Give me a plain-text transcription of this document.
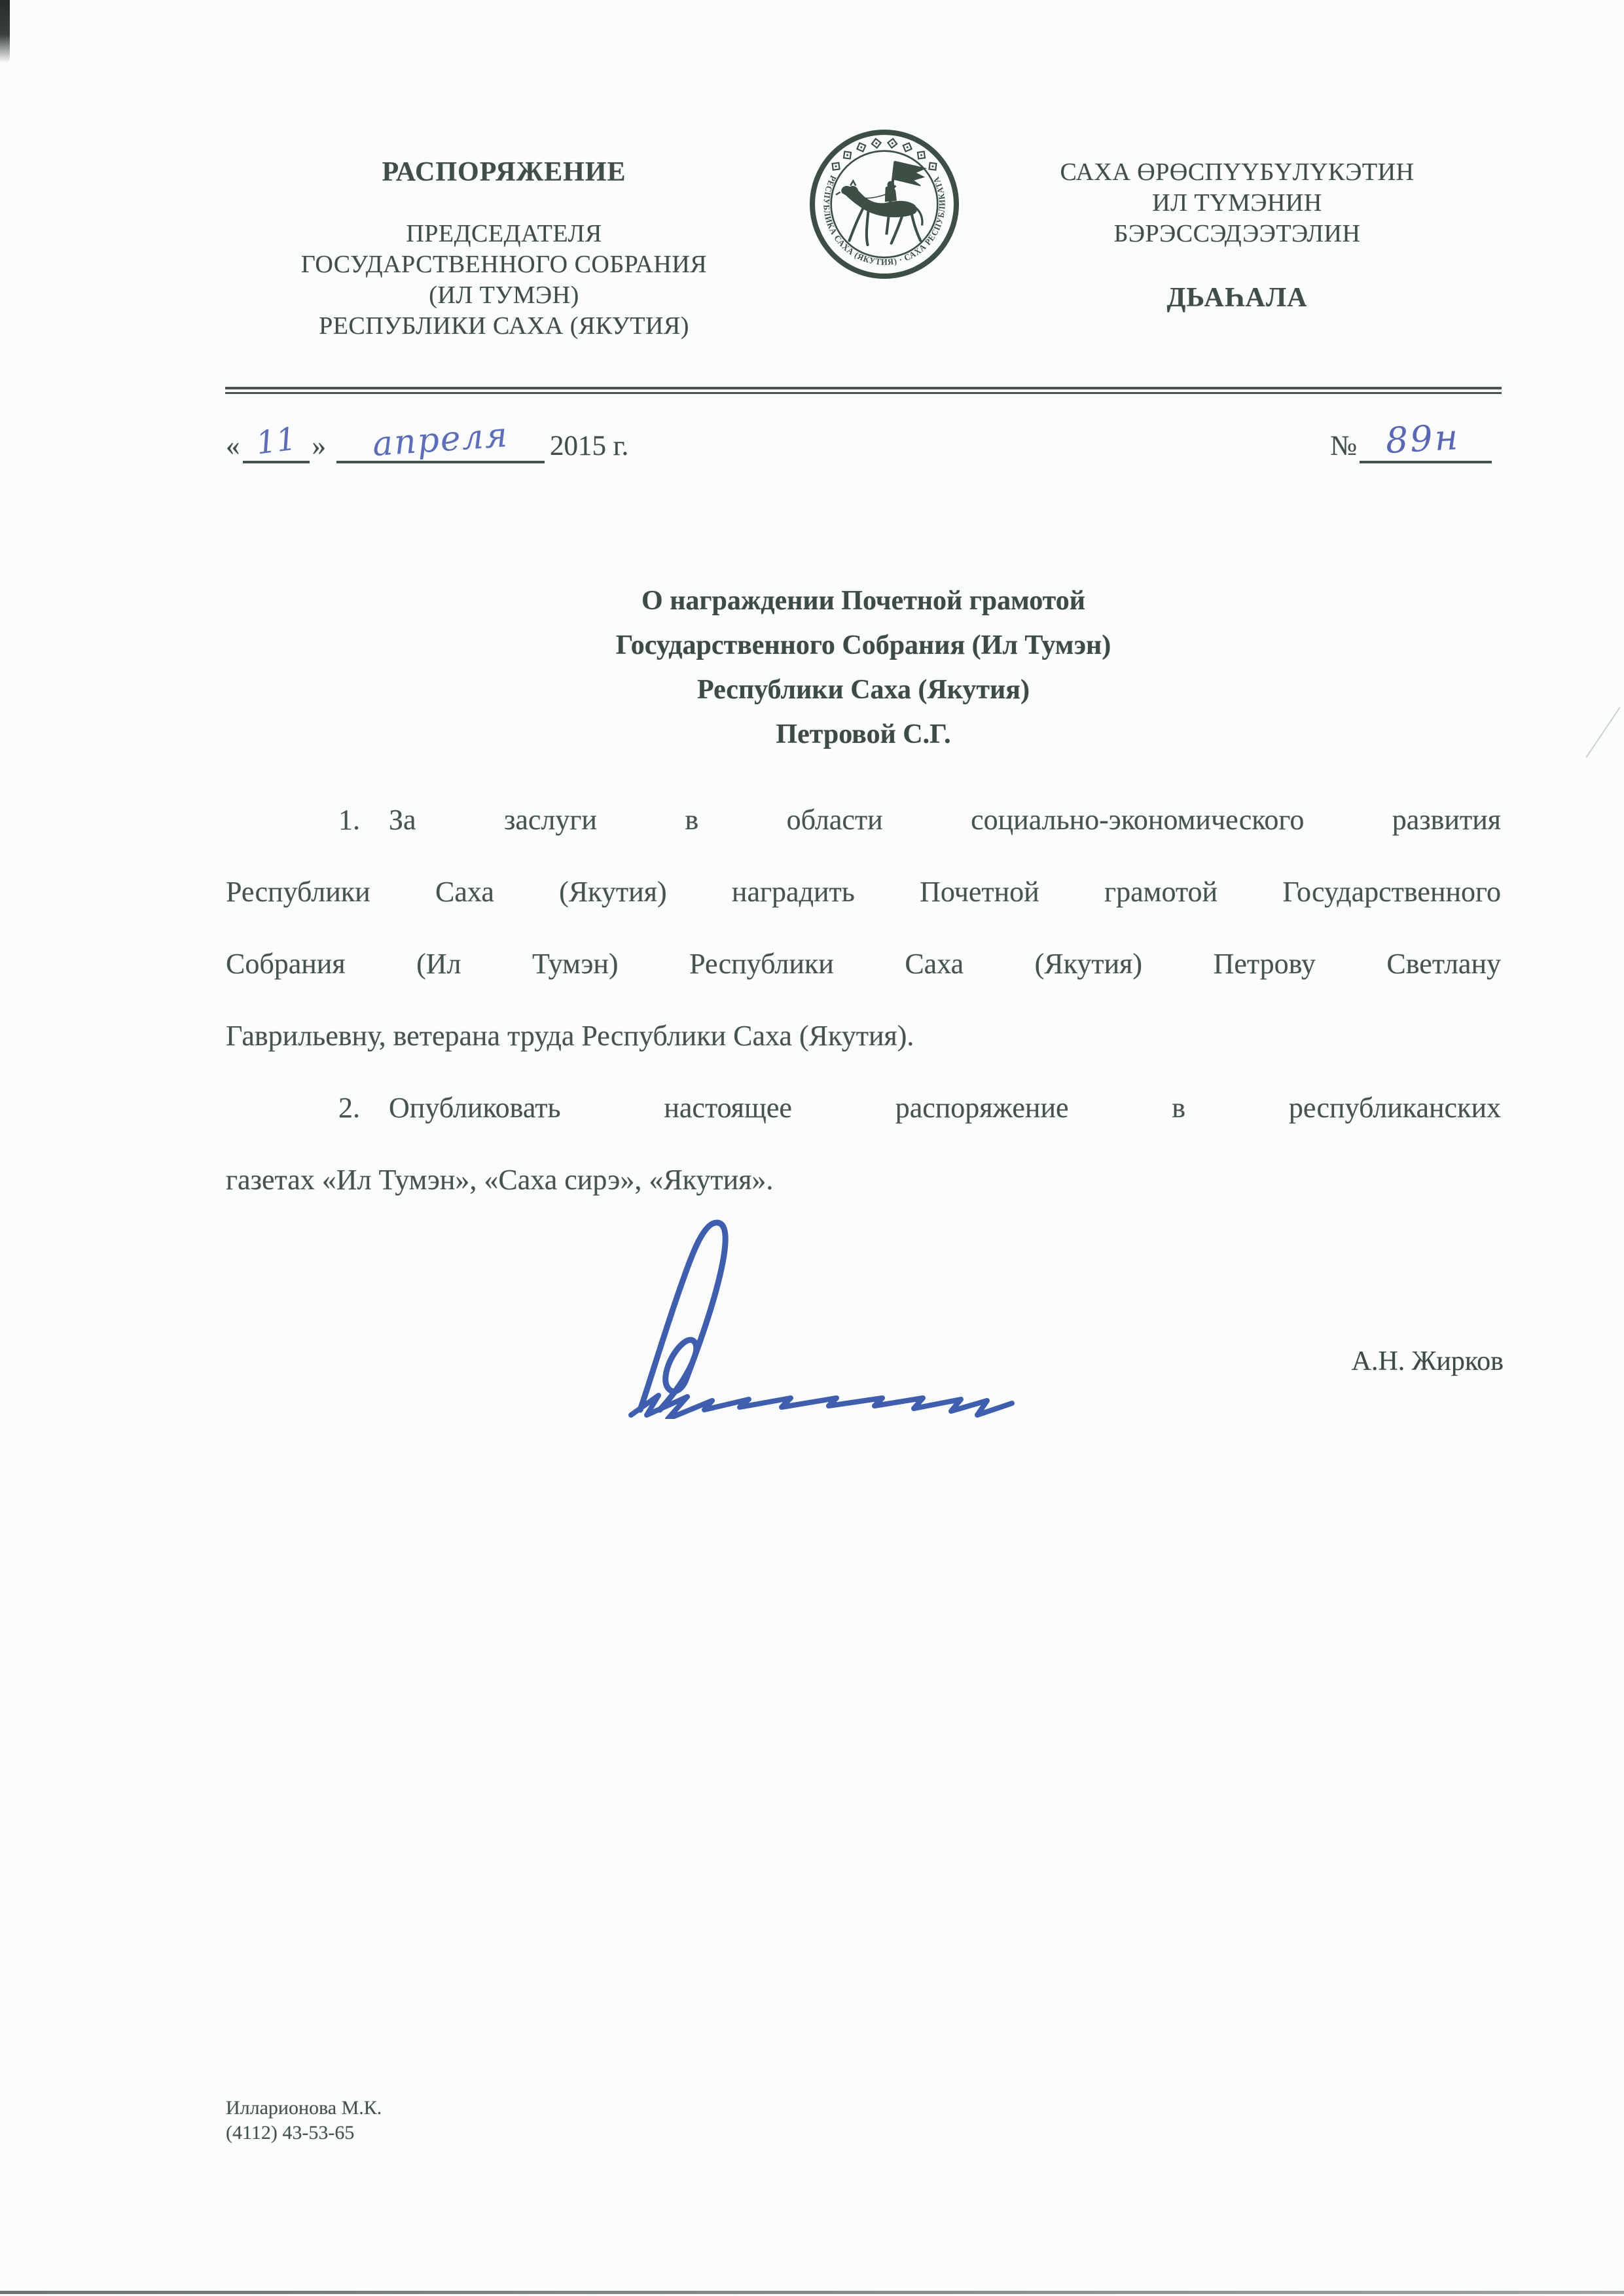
РАСПОРЯЖЕНИЕ
ПРЕДСЕДАТЕЛЯ
ГОСУДАРСТВЕННОГО СОБРАНИЯ
(ИЛ ТУМЭН)
РЕСПУБЛИКИ САХА (ЯКУТИЯ)
САХА ӨРӨСПҮҮБҮЛҮКЭТИН
ИЛ ТҮМЭНИН
БЭРЭССЭДЭЭТЭЛИН
ДЬАҺАЛА
РЕСПУБЛИКА САХА (ЯКУТИЯ) · САХА РЕСПУБЛИКАТА
« 11 » апреля 2015 г.	№ 89н
О награждении Почетной грамотой
Государственного Собрания (Ил Тумэн)
Республики Саха (Якутия)
Петровой С.Г.
1. За заслуги в области социально-экономического развития
Республики Саха (Якутия) наградить Почетной грамотой Государственного
Собрания (Ил Тумэн) Республики Саха (Якутия) Петрову Светлану
Гаврильевну, ветерана труда Республики Саха (Якутия).
2. Опубликовать настоящее распоряжение в республиканских
газетах «Ил Тумэн», «Саха сирэ», «Якутия».
А.Н. Жирков
Илларионова М.К.
(4112) 43-53-65
